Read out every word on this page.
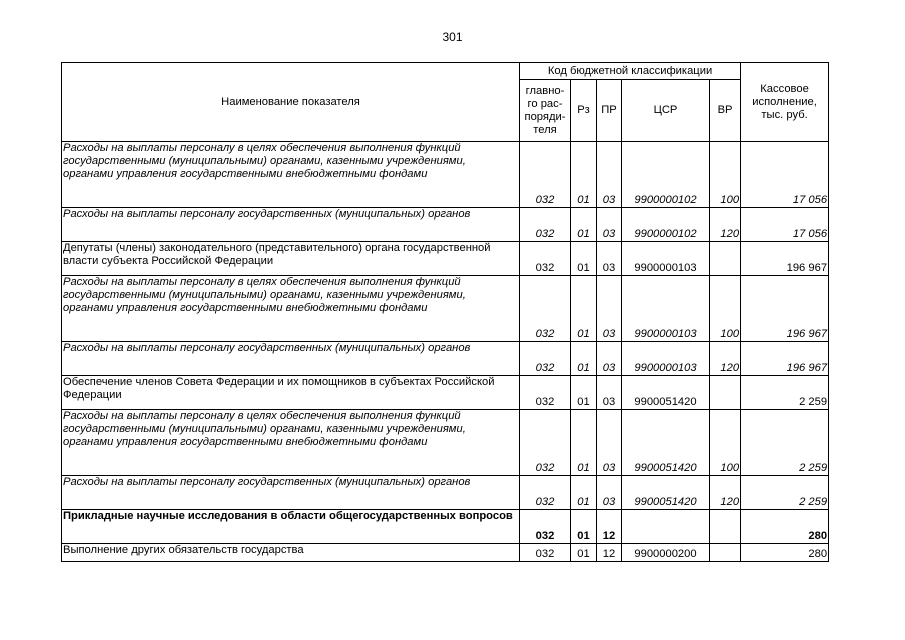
301
Наименование показателя	Код бюджетной классификации					Кассовое исполнение, тыс. руб.
	главно-го рас-поряди-теля	Рз	ПР	ЦСР	ВР	
Расходы на выплаты персоналу в целях обеспечения выполнения функций государственными (муниципальными) органами, казенными учреждениями, органами управления государственными внебюджетными фондами	032	01	03	9900000102	100	17 056
Расходы на выплаты персоналу государственных (муниципальных) органов	032	01	03	9900000102	120	17 056
Депутаты (члены) законодательного (представительного) органа государственной власти субъекта Российской Федерации	032	01	03	9900000103		196 967
Расходы на выплаты персоналу в целях обеспечения выполнения функций государственными (муниципальными) органами, казенными учреждениями, органами управления государственными внебюджетными фондами	032	01	03	9900000103	100	196 967
Расходы на выплаты персоналу государственных (муниципальных) органов	032	01	03	9900000103	120	196 967
Обеспечение членов Совета Федерации и их помощников в субъектах Российской Федерации	032	01	03	9900051420		2 259
Расходы на выплаты персоналу в целях обеспечения выполнения функций государственными (муниципальными) органами, казенными учреждениями, органами управления государственными внебюджетными фондами	032	01	03	9900051420	100	2 259
Расходы на выплаты персоналу государственных (муниципальных) органов	032	01	03	9900051420	120	2 259
Прикладные научные исследования в области общегосударственных вопросов	032	01	12			280
Выполнение других обязательств государства	032	01	12	9900000200		280
